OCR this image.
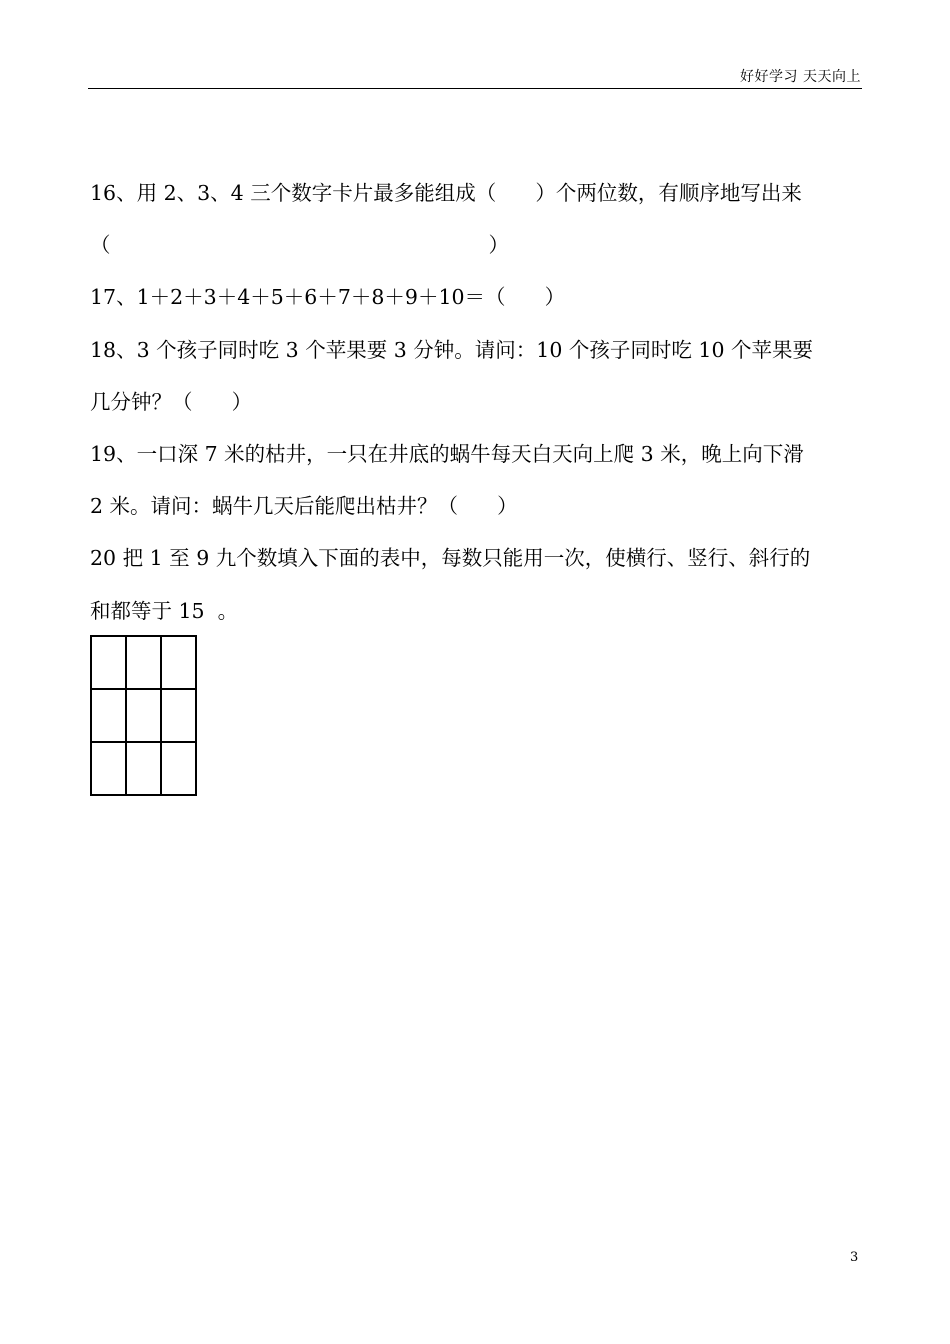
好好学习 天天向上
16、用 2、3、4 三个数字卡片最多能组成（      ）个两位数，有顺序地写出来
（                                                          ）
17、1＋2＋3＋4＋5＋6＋7＋8＋9＋10＝（      ）
18、3 个孩子同时吃 3 个苹果要 3 分钟。请问：10 个孩子同时吃 10 个苹果要
几分钟？（      ）
19、一口深 7 米的枯井，一只在井底的蜗牛每天白天向上爬 3 米，晚上向下滑
2 米。请问：蜗牛几天后能爬出枯井？（      ）
20 把 1 至 9 九个数填入下面的表中，每数只能用一次，使横行、竖行、斜行的
和都等于 15  。

3
